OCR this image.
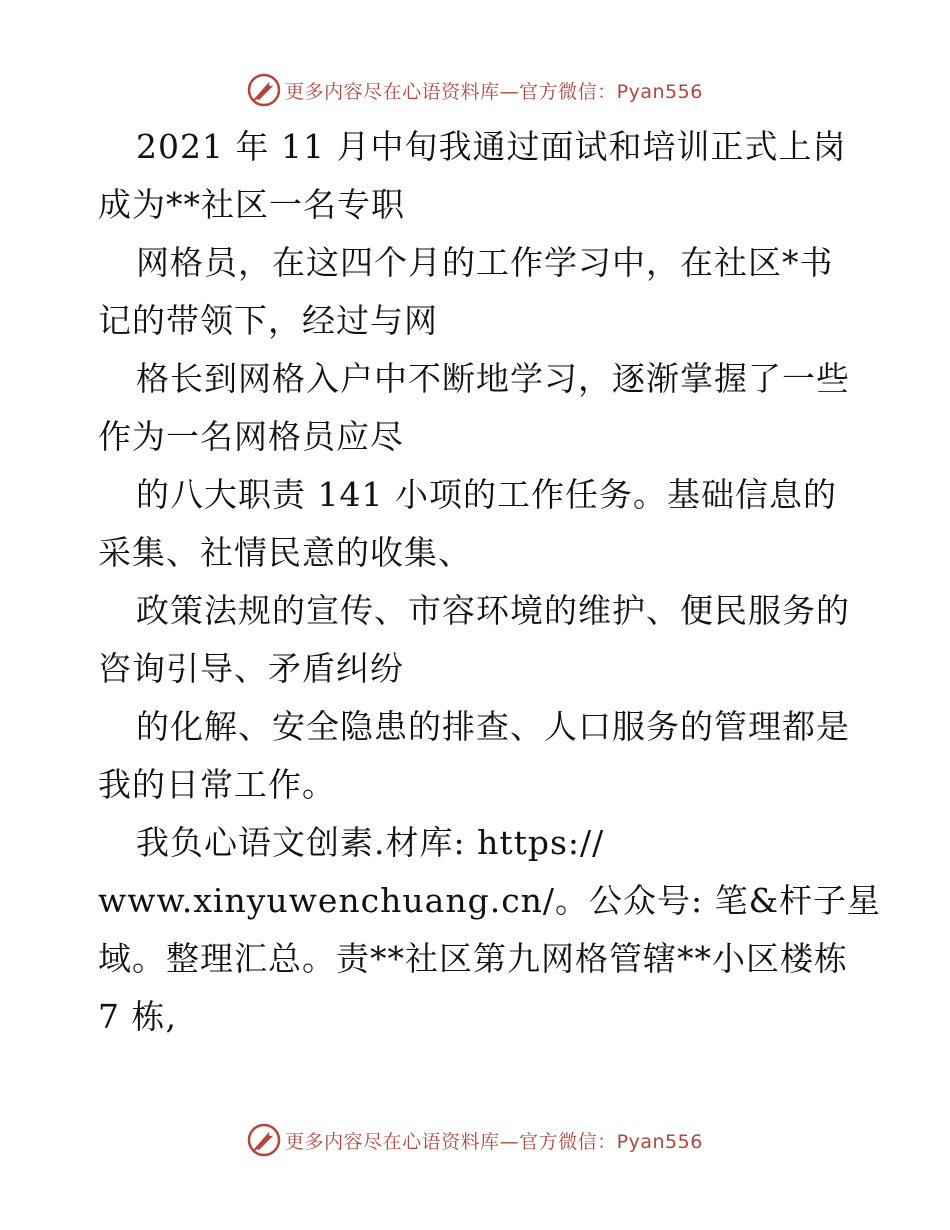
更多内容尽在心语资料库—官方微信：Pyan556
2021 年 11 月中旬我通过面试和培训正式上岗
成为**社区一名专职
网格员，在这四个月的工作学习中，在社区*书
记的带领下，经过与网
格长到网格入户中不断地学习，逐渐掌握了一些
作为一名网格员应尽
的八大职责 141 小项的工作任务。基础信息的
采集、社情民意的收集、
政策法规的宣传、市容环境的维护、便民服务的
咨询引导、矛盾纠纷
的化解、安全隐患的排查、人口服务的管理都是
我的日常工作。
我负心语文创素.材库: https://
www.xinyuwenchuang.cn/。公众号: 笔&杆子星
域。整理汇总。责**社区第九网格管辖**小区楼栋
7 栋,
更多内容尽在心语资料库—官方微信：Pyan556
